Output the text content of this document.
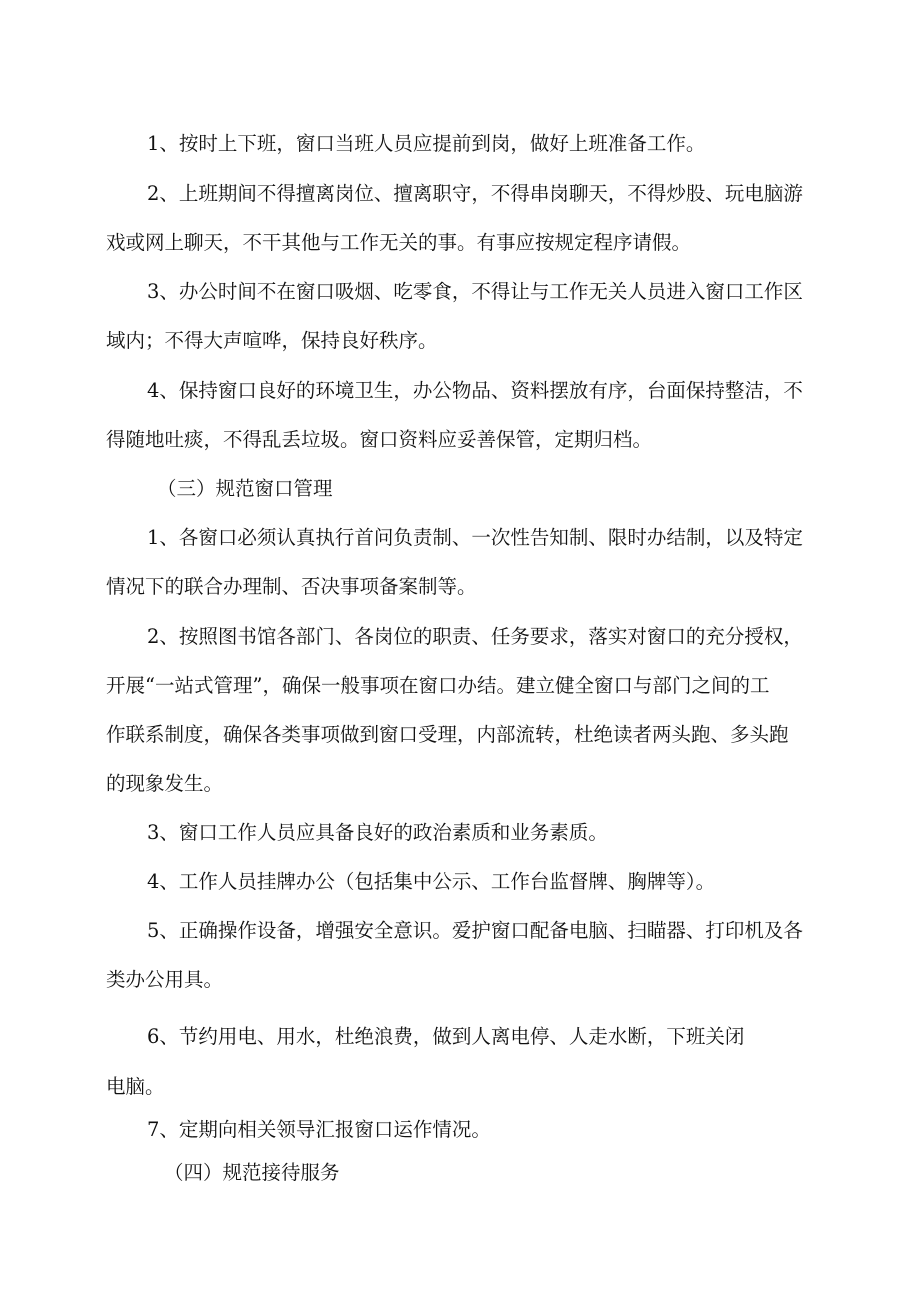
1、按时上下班，窗口当班人员应提前到岗，做好上班准备工作。
2、上班期间不得擅离岗位、擅离职守，不得串岗聊天，不得炒股、玩电脑游
戏或网上聊天，不干其他与工作无关的事。有事应按规定程序请假。
3、办公时间不在窗口吸烟、吃零食，不得让与工作无关人员进入窗口工作区
域内；不得大声喧哗，保持良好秩序。
4、保持窗口良好的环境卫生，办公物品、资料摆放有序，台面保持整洁，不
得随地吐痰，不得乱丢垃圾。窗口资料应妥善保管，定期归档。
（三）规范窗口管理
1、各窗口必须认真执行首问负责制、一次性告知制、限时办结制，以及特定
情况下的联合办理制、否决事项备案制等。
2、按照图书馆各部门、各岗位的职责、任务要求，落实对窗口的充分授权，
开展“一站式管理”，确保一般事项在窗口办结。建立健全窗口与部门之间的工
作联系制度，确保各类事项做到窗口受理，内部流转，杜绝读者两头跑、多头跑
的现象发生。
3、窗口工作人员应具备良好的政治素质和业务素质。
4、工作人员挂牌办公（包括集中公示、工作台监督牌、胸牌等）。
5、正确操作设备，增强安全意识。爱护窗口配备电脑、扫瞄器、打印机及各
类办公用具。
6、节约用电、用水，杜绝浪费，做到人离电停、人走水断，下班关闭
电脑。
7、定期向相关领导汇报窗口运作情况。
（四）规范接待服务
